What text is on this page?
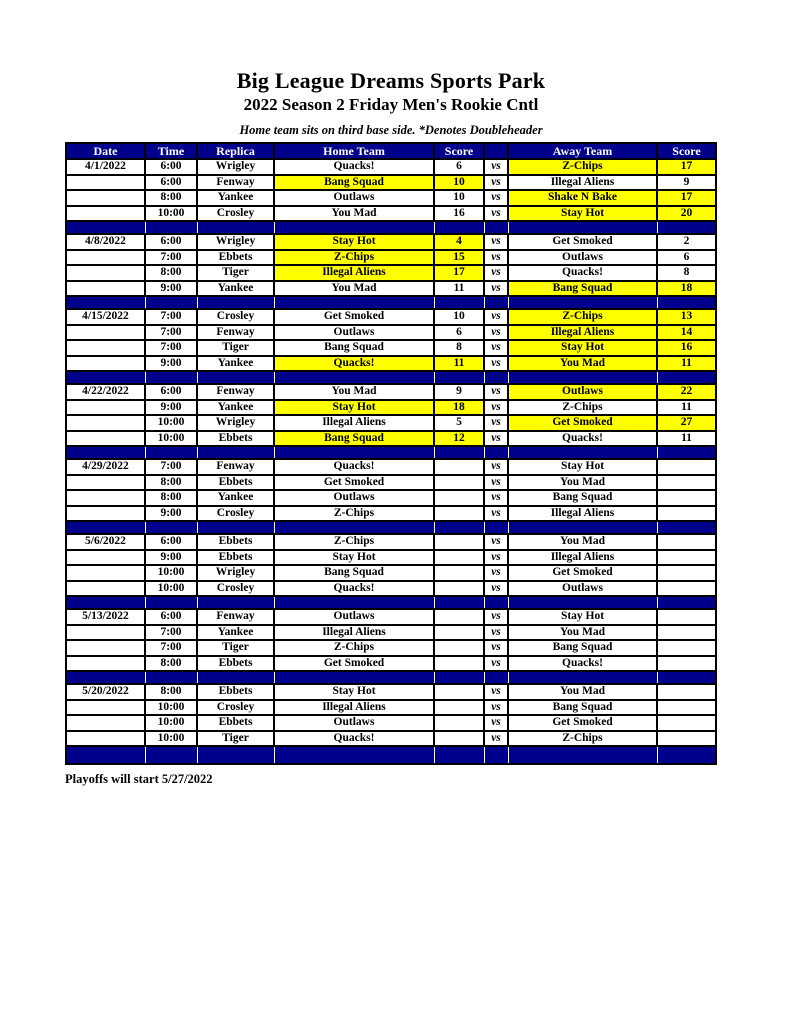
Big League Dreams Sports Park
2022 Season 2 Friday Men's Rookie Cntl
Home team sits on third base side. *Denotes Doubleheader
Date	Time	Replica	Home Team	Score		Away Team	Score
4/1/2022	6:00	Wrigley	Quacks!	6	vs	Z-Chips	17
	6:00	Fenway	Bang Squad	10	vs	Illegal Aliens	9
	8:00	Yankee	Outlaws	10	vs	Shake N Bake	17
	10:00	Crosley	You Mad	16	vs	Stay Hot	20

4/8/2022	6:00	Wrigley	Stay Hot	4	vs	Get Smoked	2
	7:00	Ebbets	Z-Chips	15	vs	Outlaws	6
	8:00	Tiger	Illegal Aliens	17	vs	Quacks!	8
	9:00	Yankee	You Mad	11	vs	Bang Squad	18

4/15/2022	7:00	Crosley	Get Smoked	10	vs	Z-Chips	13
	7:00	Fenway	Outlaws	6	vs	Illegal Aliens	14
	7:00	Tiger	Bang Squad	8	vs	Stay Hot	16
	9:00	Yankee	Quacks!	11	vs	You Mad	11

4/22/2022	6:00	Fenway	You Mad	9	vs	Outlaws	22
	9:00	Yankee	Stay Hot	18	vs	Z-Chips	11
	10:00	Wrigley	Illegal Aliens	5	vs	Get Smoked	27
	10:00	Ebbets	Bang Squad	12	vs	Quacks!	11

4/29/2022	7:00	Fenway	Quacks!		vs	Stay Hot	
	8:00	Ebbets	Get Smoked		vs	You Mad	
	8:00	Yankee	Outlaws		vs	Bang Squad	
	9:00	Crosley	Z-Chips		vs	Illegal Aliens	

5/6/2022	6:00	Ebbets	Z-Chips		vs	You Mad	
	9:00	Ebbets	Stay Hot		vs	Illegal Aliens	
	10:00	Wrigley	Bang Squad		vs	Get Smoked	
	10:00	Crosley	Quacks!		vs	Outlaws	

5/13/2022	6:00	Fenway	Outlaws		vs	Stay Hot	
	7:00	Yankee	Illegal Aliens		vs	You Mad	
	7:00	Tiger	Z-Chips		vs	Bang Squad	
	8:00	Ebbets	Get Smoked		vs	Quacks!	

5/20/2022	8:00	Ebbets	Stay Hot		vs	You Mad	
	10:00	Crosley	Illegal Aliens		vs	Bang Squad	
	10:00	Ebbets	Outlaws		vs	Get Smoked	
	10:00	Tiger	Quacks!		vs	Z-Chips	

Playoffs will start 5/27/2022
